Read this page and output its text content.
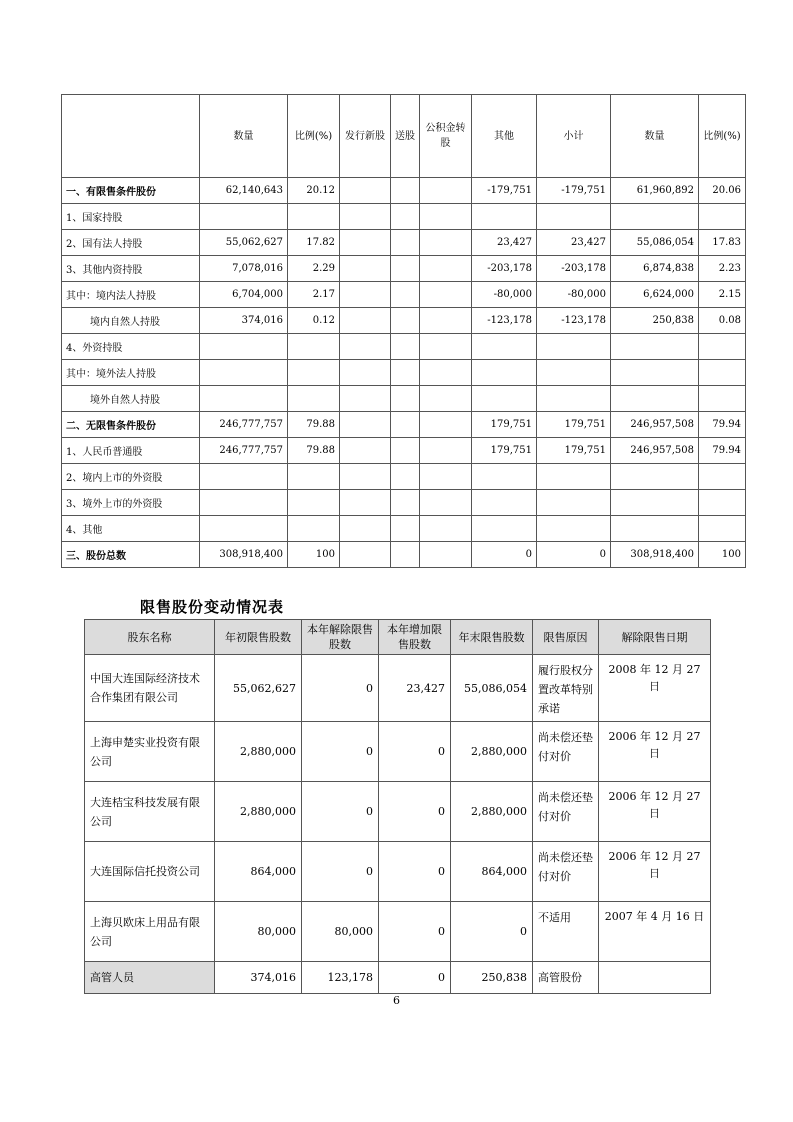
	数量	比例(%)	发行新股	送股	公积金转股	其他	小计	数量	比例(%)
一、有限售条件股份	62,140,643	20.12				-179,751	-179,751	61,960,892	20.06
1、国家持股									
2、国有法人持股	55,062,627	17.82				23,427	23,427	55,086,054	17.83
3、其他内资持股	7,078,016	2.29				-203,178	-203,178	6,874,838	2.23
其中：境内法人持股	6,704,000	2.17				-80,000	-80,000	6,624,000	2.15
境内自然人持股	374,016	0.12				-123,178	-123,178	250,838	0.08
4、外资持股									
其中：境外法人持股									
境外自然人持股									
二、无限售条件股份	246,777,757	79.88				179,751	179,751	246,957,508	79.94
1、人民币普通股	246,777,757	79.88				179,751	179,751	246,957,508	79.94
2、境内上市的外资股									
3、境外上市的外资股									
4、其他									
三、股份总数	308,918,400	100				0	0	308,918,400	100
限售股份变动情况表
股东名称	年初限售股数	本年解除限售股数	本年增加限售股数	年末限售股数	限售原因	解除限售日期
中国大连国际经济技术合作集团有限公司	55,062,627	0	23,427	55,086,054	履行股权分置改革特别承诺	2008 年 12 月 27 日
上海申楚实业投资有限公司	2,880,000	0	0	2,880,000	尚未偿还垫付对价	2006 年 12 月 27 日
大连桔宝科技发展有限公司	2,880,000	0	0	2,880,000	尚未偿还垫付对价	2006 年 12 月 27 日
大连国际信托投资公司	864,000	0	0	864,000	尚未偿还垫付对价	2006 年 12 月 27 日
上海贝欧床上用品有限公司	80,000	80,000	0	0	不适用	2007 年 4 月 16 日
高管人员	374,016	123,178	0	250,838	高管股份	
6
